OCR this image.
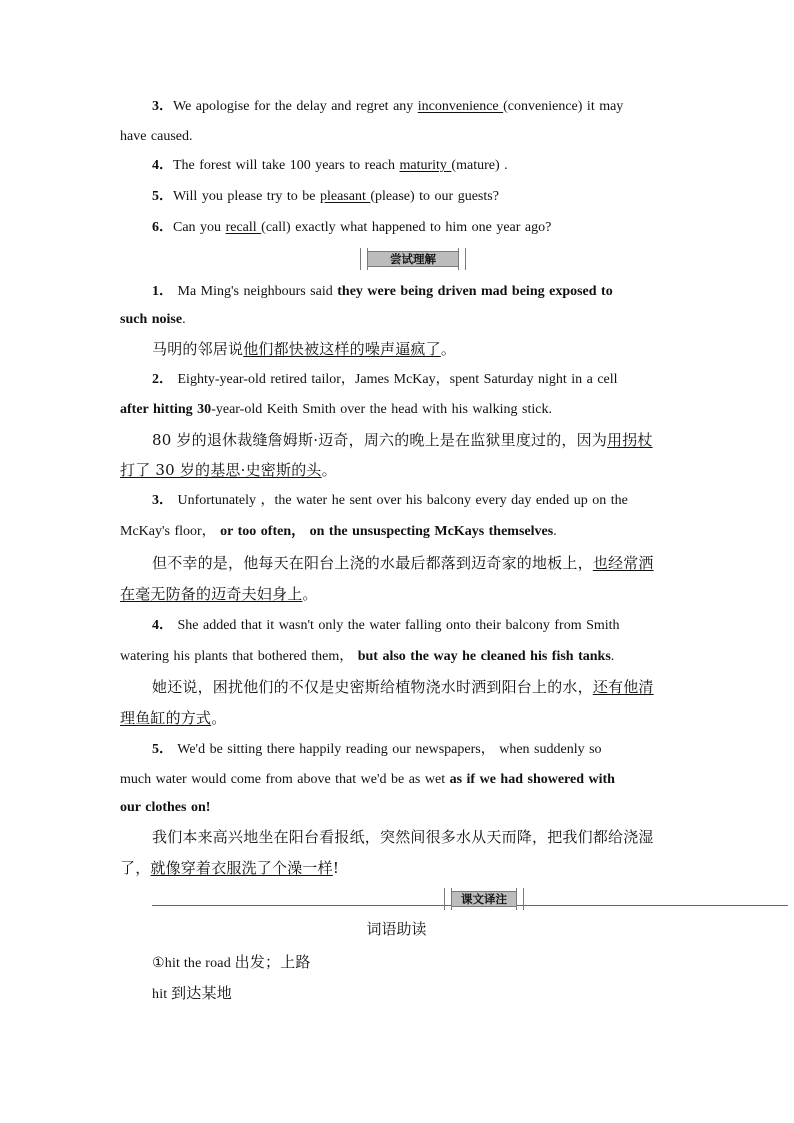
3．We apologise for the delay and regret any inconvenience (convenience) it may
have caused.
4．The forest will take 100 years to reach maturity (mature) .
5．Will you please try to be pleasant (please) to our guests?
6．Can you recall (call) exactly what happened to him one year ago?
尝试理解
1． Ma Ming's neighbours said they were being driven mad being exposed to
such noise.
马明的邻居说他们都快被这样的噪声逼疯了。
2． Eighty-year-old retired tailor，James McKay，spent Saturday night in a cell
after hitting 30-year-old Keith Smith over the head with his walking stick.
80 岁的退休裁缝詹姆斯·迈奇，周六的晚上是在监狱里度过的，因为用拐杖
打了 30 岁的基思·史密斯的头。
3． Unfortunately ，the water he sent over his balcony every day ended up on the
McKay's floor， or too often， on the unsuspecting McKays themselves.
但不幸的是，他每天在阳台上浇的水最后都落到迈奇家的地板上，也经常洒
在毫无防备的迈奇夫妇身上。
4． She added that it wasn't only the water falling onto their balcony from Smith
watering his plants that bothered them， but also the way he cleaned his fish tanks.
她还说，困扰他们的不仅是史密斯给植物浇水时洒到阳台上的水，还有他清
理鱼缸的方式。
5． We'd be sitting there happily reading our newspapers， when suddenly so
much water would come from above that we'd be as wet as if we had showered with
our clothes on!
我们本来高兴地坐在阳台看报纸，突然间很多水从天而降，把我们都给浇湿
了，就像穿着衣服洗了个澡一样!
课文译注
词语助读
①hit the road 出发；上路
hit 到达某地
